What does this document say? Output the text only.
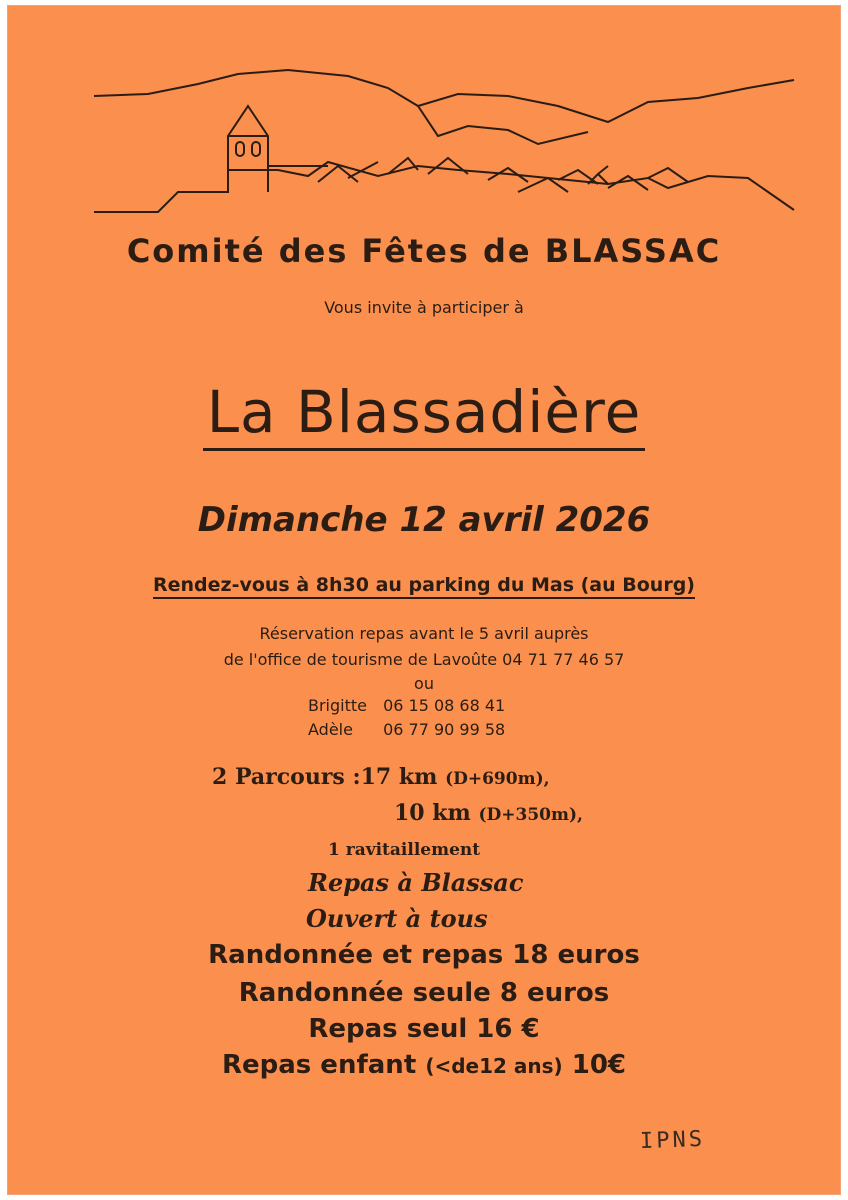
Comité des Fêtes de BLASSAC
Vous invite à participer à
La Blassadière
Dimanche 12 avril 2026
Rendez-vous à 8h30 au parking du Mas (au Bourg)
Réservation repas avant le 5 avril auprès
de l'office de tourisme de Lavoûte 04 71 77 46 57
ou
Brigitte 06 15 08 68 41
Adèle 06 77 90 99 58
2 Parcours :17 km (D+690m),
10 km (D+350m),
1 ravitaillement
Repas à Blassac
Ouvert à tous
Randonnée et repas 18 euros
Randonnée seule 8 euros
Repas seul 16 €
Repas enfant (<de12 ans) 10€
IPNS
